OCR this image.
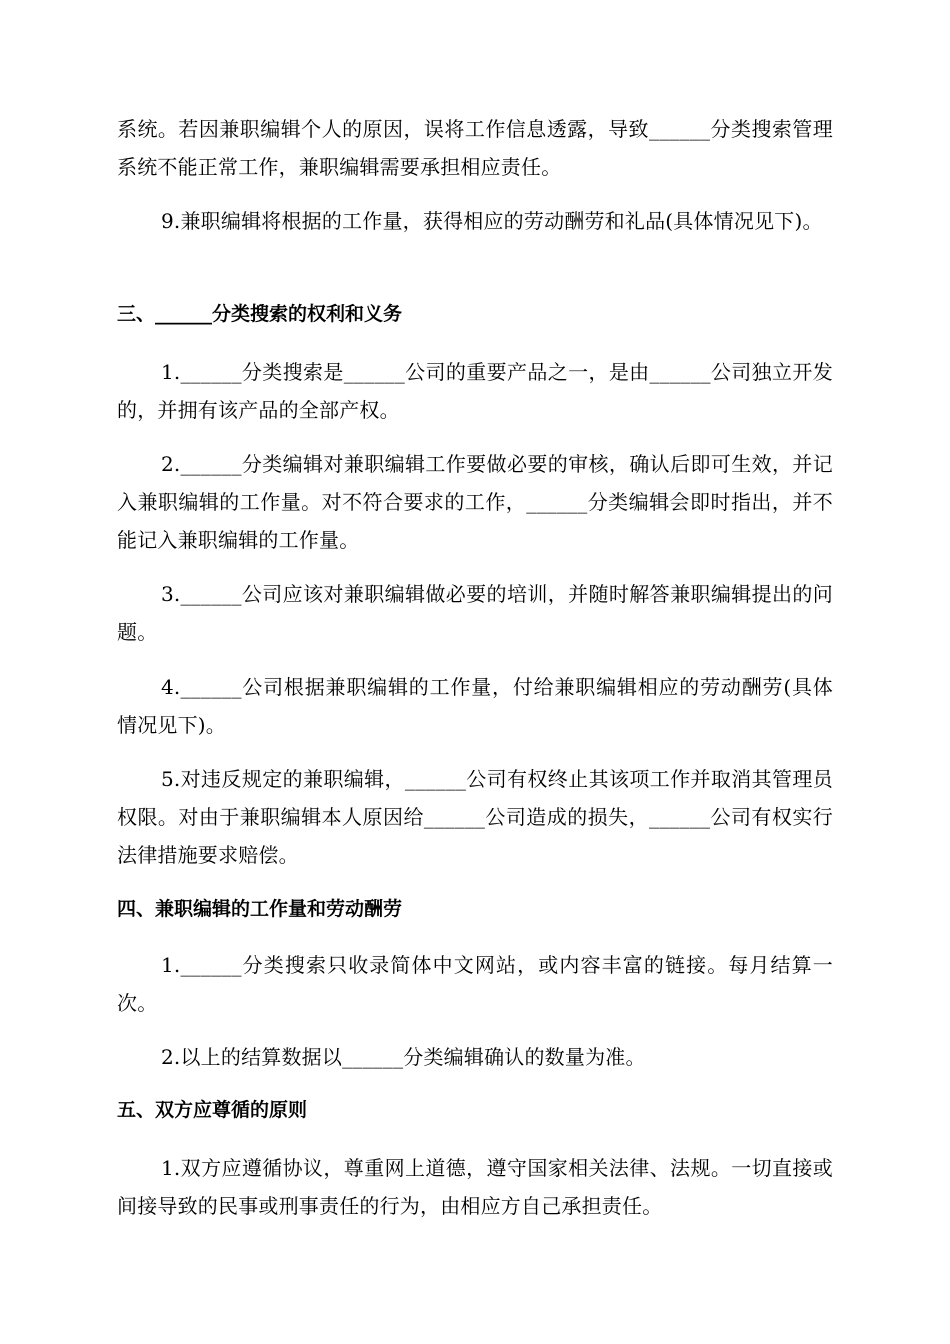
系统。若因兼职编辑个人的原因，误将工作信息透露，导致______分类搜索管理系统不能正常工作，兼职编辑需要承担相应责任。

9.兼职编辑将根据的工作量，获得相应的劳动酬劳和礼品(具体情况见下)。

三、______分类搜索的权利和义务

1.______分类搜索是______公司的重要产品之一，是由______公司独立开发的，并拥有该产品的全部产权。

2.______分类编辑对兼职编辑工作要做必要的审核，确认后即可生效，并记入兼职编辑的工作量。对不符合要求的工作，______分类编辑会即时指出，并不能记入兼职编辑的工作量。

3.______公司应该对兼职编辑做必要的培训，并随时解答兼职编辑提出的问题。

4.______公司根据兼职编辑的工作量，付给兼职编辑相应的劳动酬劳(具体情况见下)。

5.对违反规定的兼职编辑，______公司有权终止其该项工作并取消其管理员权限。对由于兼职编辑本人原因给______公司造成的损失，______公司有权实行法律措施要求赔偿。

四、兼职编辑的工作量和劳动酬劳

1.______分类搜索只收录简体中文网站，或内容丰富的链接。每月结算一次。

2.以上的结算数据以______分类编辑确认的数量为准。

五、双方应尊循的原则

1.双方应遵循协议，尊重网上道德，遵守国家相关法律、法规。一切直接或间接导致的民事或刑事责任的行为，由相应方自己承担责任。
